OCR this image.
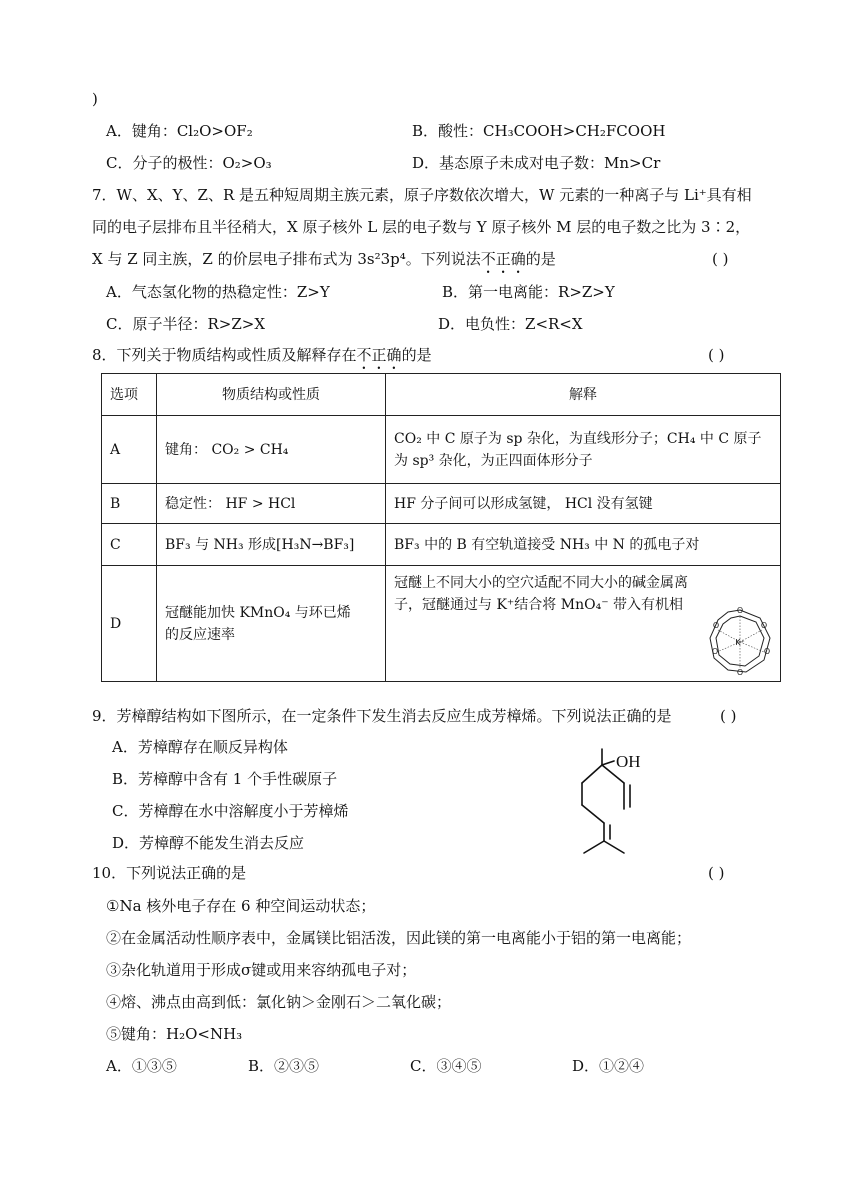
)
A．键角：Cl₂O>OF₂	B．酸性：CH₃COOH>CH₂FCOOH
C．分子的极性：O₂>O₃	D．基态原子未成对电子数：Mn>Cr
7．W、X、Y、Z、R 是五种短周期主族元素，原子序数依次增大，W 元素的一种离子与 Li⁺具有相
同的电子层排布且半径稍大，X 原子核外 L 层的电子数与 Y 原子核外 M 层的电子数之比为 3∶2，
X 与 Z 同主族，Z 的价层电子排布式为 3s²3p⁴。下列说法不正确的是	( )
A．气态氢化物的热稳定性：Z>Y	B．第一电离能：R>Z>Y
C．原子半径：R>Z>X	D．电负性：Z<R<X
8．下列关于物质结构或性质及解释存在不正确的是	( )
选项	物质结构或性质	解释
A	键角： CO₂ > CH₄	CO₂ 中 C 原子为 sp 杂化，为直线形分子；CH₄ 中 C 原子为 sp³ 杂化，为正四面体形分子
B	稳定性： HF > HCl	HF 分子间可以形成氢键， HCl 没有氢键
C	BF₃ 与 NH₃ 形成[H₃N→BF₃]	BF₃ 中的 B 有空轨道接受 NH₃ 中 N 的孤电子对
D	冠醚能加快 KMnO₄ 与环已烯的反应速率	冠醚上不同大小的空穴适配不同大小的碱金属离子，冠醚通过与 K⁺结合将 MnO₄⁻ 带入有机相	O
O
O
O
O
O
K⁺
9．芳樟醇结构如下图所示，在一定条件下发生消去反应生成芳樟烯。下列说法正确的是	( )
A．芳樟醇存在顺反异构体
B．芳樟醇中含有 1 个手性碳原子
C．芳樟醇在水中溶解度小于芳樟烯
D．芳樟醇不能发生消去反应
OH
10．下列说法正确的是	( )
①Na 核外电子存在 6 种空间运动状态；
②在金属活动性顺序表中，金属镁比铝活泼，因此镁的第一电离能小于铝的第一电离能；
③杂化轨道用于形成σ键或用来容纳孤电子对；
④熔、沸点由高到低：氯化钠＞金刚石＞二氧化碳；
⑤键角：H₂O<NH₃
A．①③⑤	B．②③⑤	C．③④⑤	D．①②④
